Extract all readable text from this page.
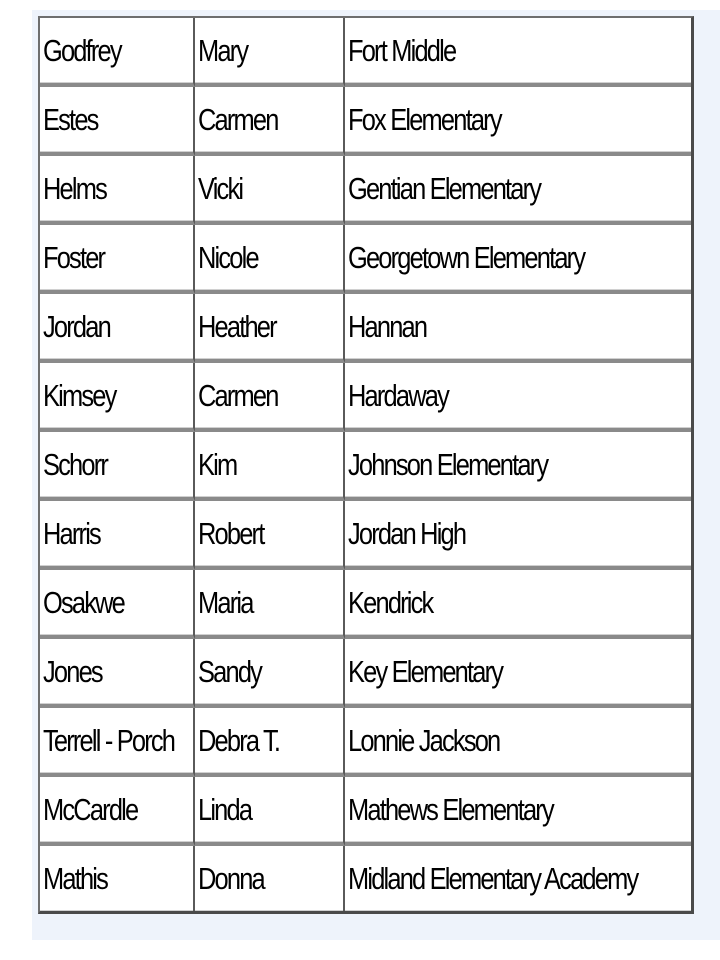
Godfrey	Mary	Fort Middle
Estes	Carmen	Fox Elementary
Helms	Vicki	Gentian Elementary
Foster	Nicole	Georgetown Elementary
Jordan	Heather	Hannan
Kimsey	Carmen	Hardaway
Schorr	Kim	Johnson Elementary
Harris	Robert	Jordan High
Osakwe	Maria	Kendrick
Jones	Sandy	Key Elementary
Terrell - Porch	Debra T.	Lonnie Jackson
McCardle	Linda	Mathews Elementary
Mathis	Donna	Midland Elementary Academy
